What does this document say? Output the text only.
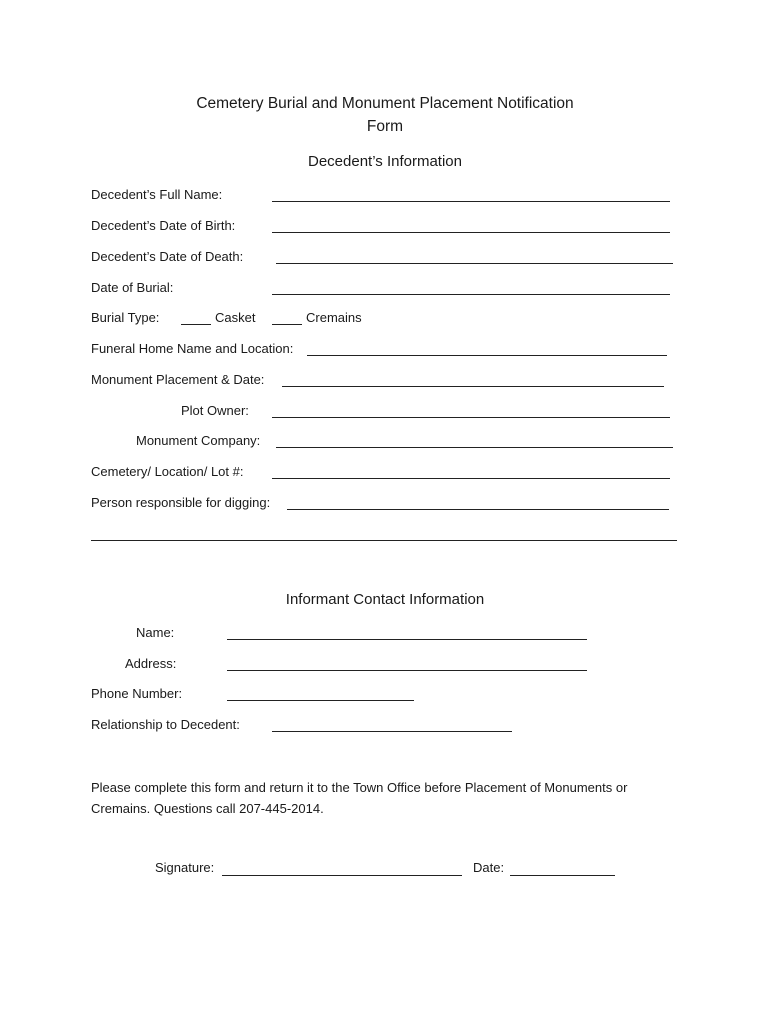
Cemetery Burial and Monument Placement Notification
Form
Decedent’s Information
Decedent’s Full Name:
Decedent’s Date of Birth:
Decedent’s Date of Death:
Date of Burial:
Burial Type:	Casket	Cremains
Funeral Home Name and Location:
Monument Placement & Date:
Plot Owner:
Monument Company:
Cemetery/ Location/ Lot #:
Person responsible for digging:
Informant Contact Information
Name:
Address:
Phone Number:
Relationship to Decedent:
Please complete this form and return it to the Town Office before Placement of Monuments or Cremains. Questions call 207-445-2014.
Signature:	Date:
